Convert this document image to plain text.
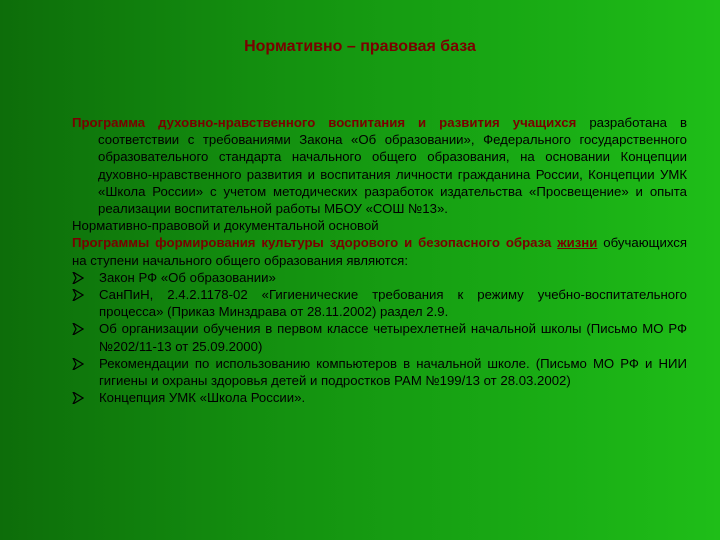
Нормативно – правовая база

Программа духовно-нравственного воспитания и развития учащихся разработана в соответствии с требованиями Закона «Об образовании», Федерального государственного образовательного стандарта начального общего образования, на основании Концепции духовно-нравственного развития и воспитания личности гражданина России, Концепции УМК «Школа России» с учетом методических разработок издательства «Просвещение» и опыта реализации воспитательной работы МБОУ «СОШ №13».

Нормативно-правовой и документальной основой

Программы формирования культуры здорового и безопасного образа жизни обучающихся на ступени начального общего образования являются:

Закон РФ «Об образовании»
СанПиН, 2.4.2.1178-02 «Гигиенические требования к режиму учебно-воспитательного процесса» (Приказ Минздрава от 28.11.2002) раздел 2.9.
Об организации обучения в первом классе четырехлетней начальной школы (Письмо МО РФ №202/11-13 от 25.09.2000)
Рекомендации по использованию компьютеров в начальной школе. (Письмо МО РФ и НИИ гигиены и охраны здоровья детей и подростков РАМ №199/13 от 28.03.2002)
Концепция УМК «Школа России».
